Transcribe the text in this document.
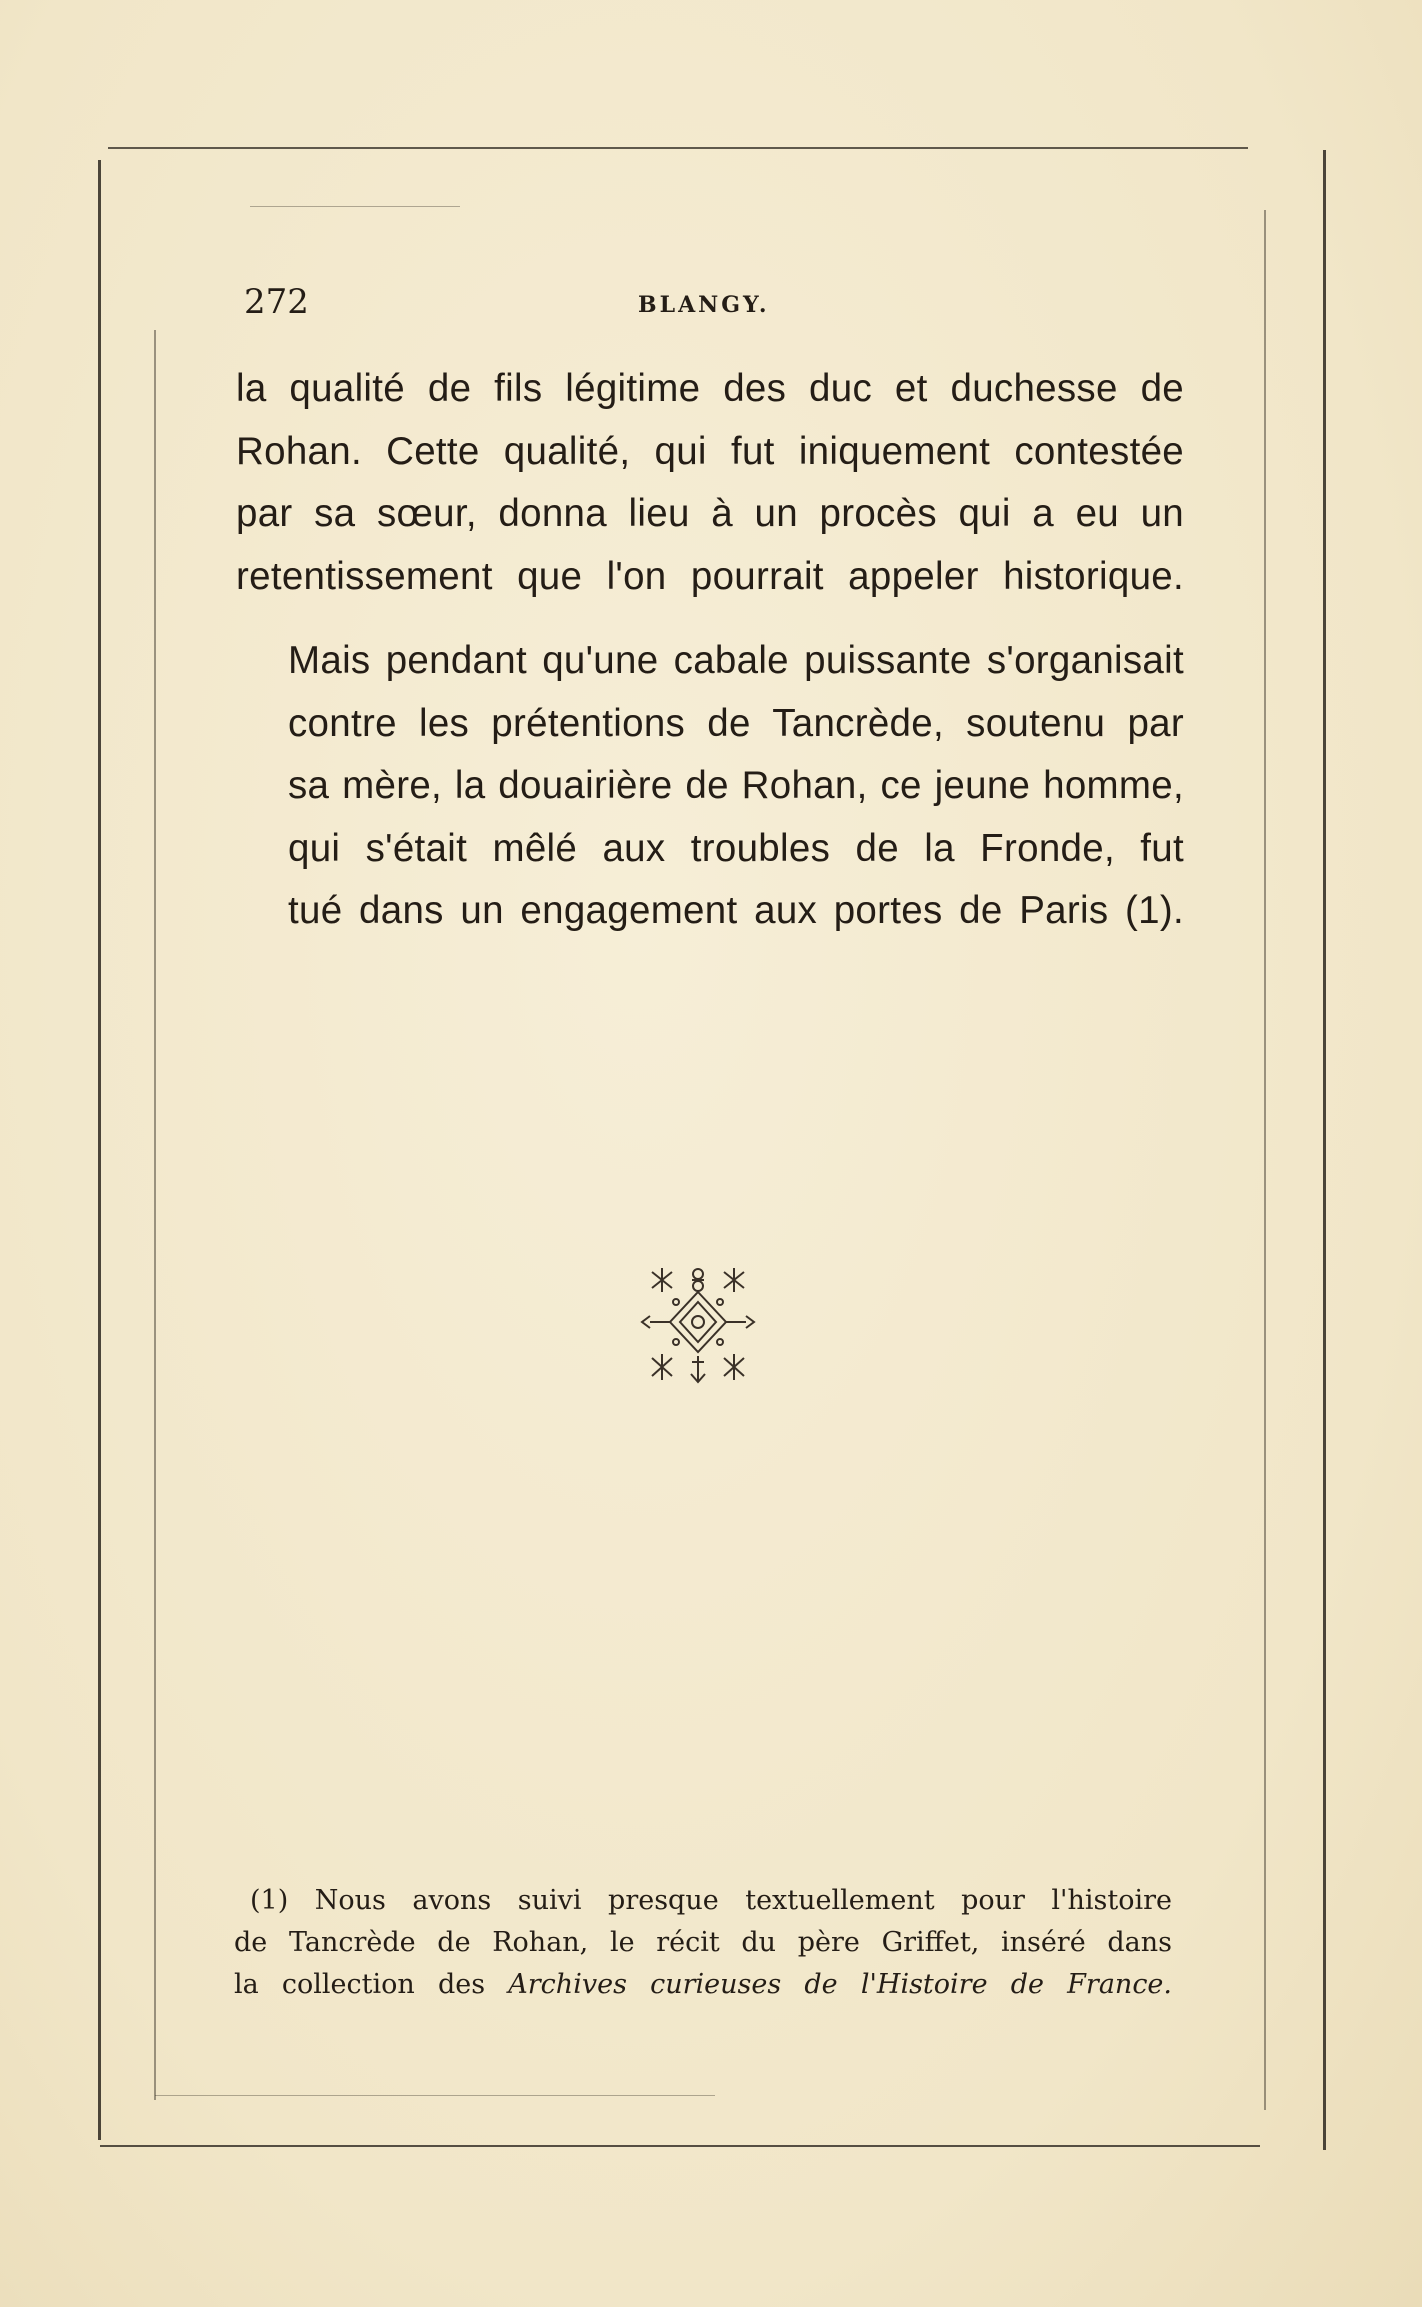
272	BLANGY.

la qualité de fils légitime des duc et duchesse de
Rohan. Cette qualité, qui fut iniquement contestée
par sa sœur, donna lieu à un procès qui a eu un
retentissement que l'on pourrait appeler historique.

Mais pendant qu'une cabale puissante s'organisait
contre les prétentions de Tancrède, soutenu par
sa mère, la douairière de Rohan, ce jeune homme,
qui s'était mêlé aux troubles de la Fronde, fut
tué dans un engagement aux portes de Paris (1).

(1) Nous avons suivi presque textuellement pour l'histoire
de Tancrède de Rohan, le récit du père Griffet, inséré dans
la collection des Archives curieuses de l'Histoire de France.
